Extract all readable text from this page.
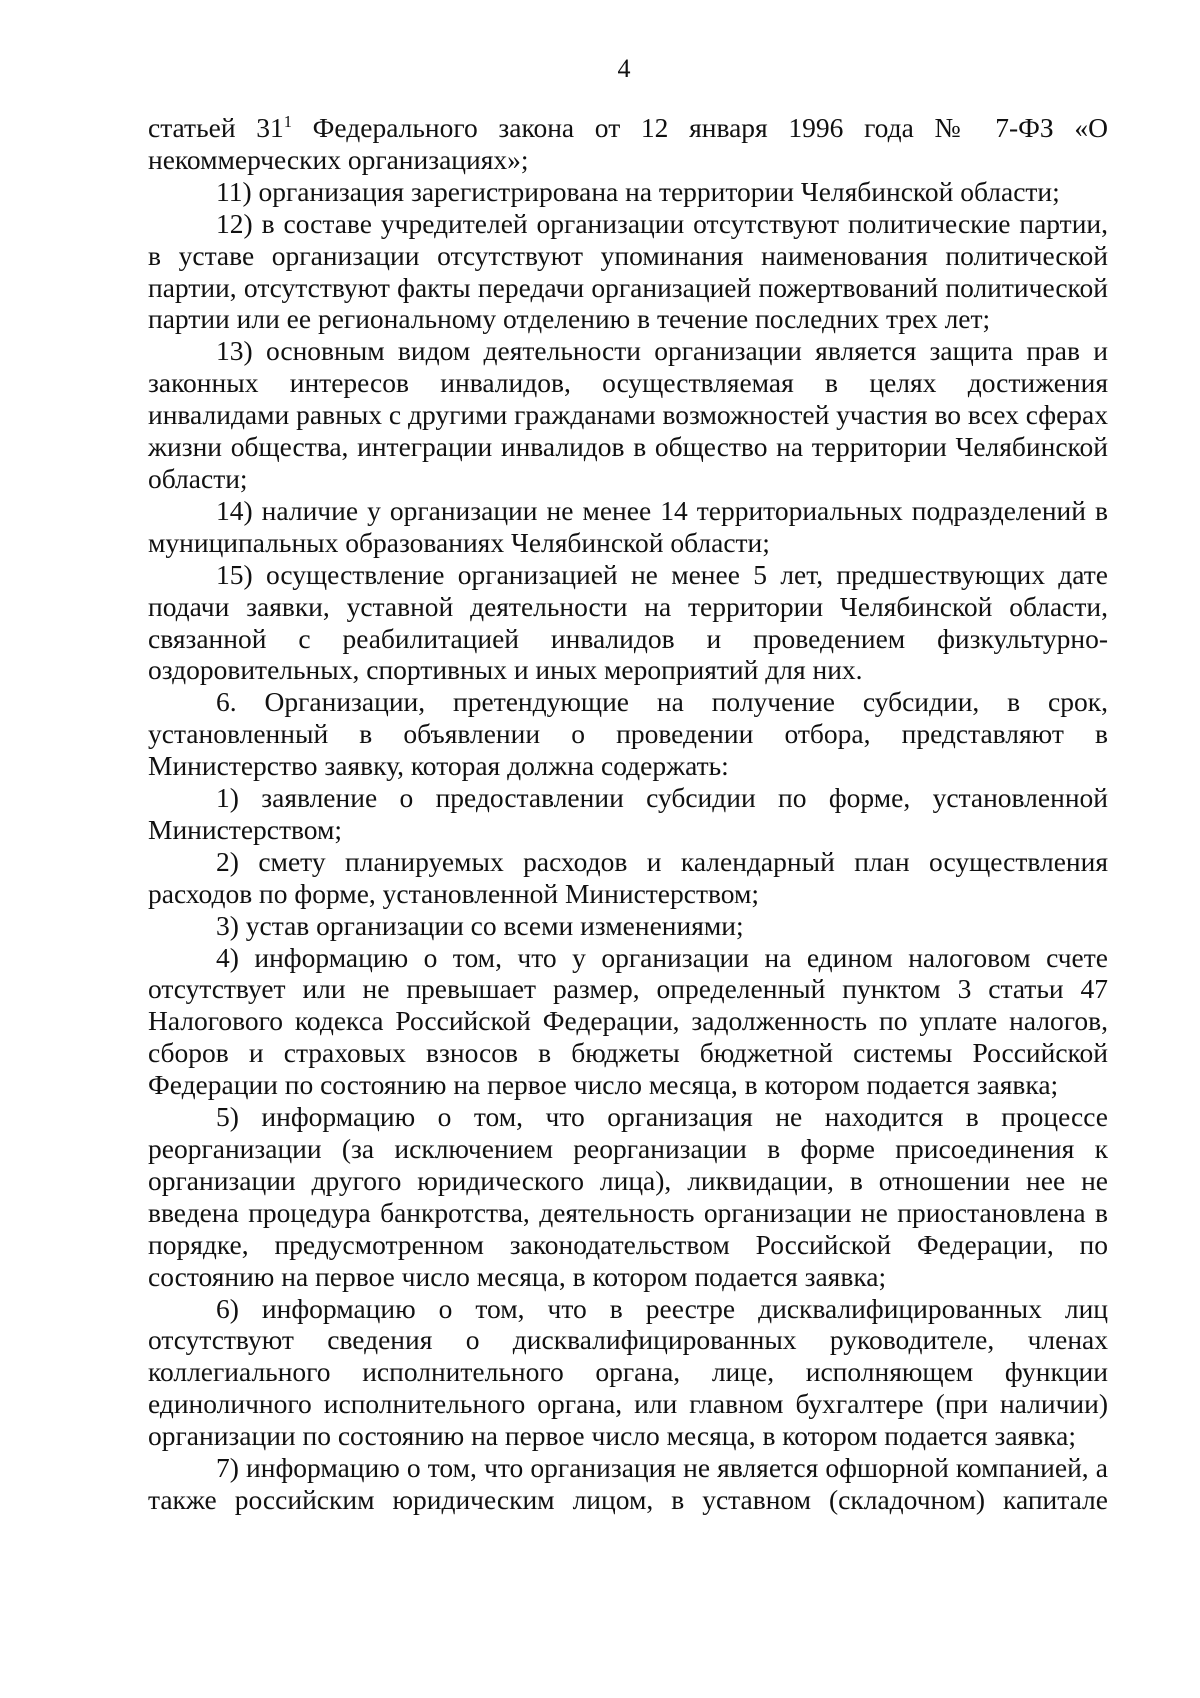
4

статьей $31^1$ Федерального закона от 12 января 1996 года № 7-ФЗ «О некоммерческих организациях»;

11) организация зарегистрирована на территории Челябинской области;

12) в составе учредителей организации отсутствуют политические партии, в уставе организации отсутствуют упоминания наименования политической партии, отсутствуют факты передачи организацией пожертвований политической партии или ее региональному отделению в течение последних трех лет;

13) основным видом деятельности организации является защита прав и законных интересов инвалидов, осуществляемая в целях достижения инвалидами равных с другими гражданами возможностей участия во всех сферах жизни общества, интеграции инвалидов в общество на территории Челябинской области;

14) наличие у организации не менее 14 территориальных подразделений в муниципальных образованиях Челябинской области;

15) осуществление организацией не менее 5 лет, предшествующих дате подачи заявки, уставной деятельности на территории Челябинской области, связанной с реабилитацией инвалидов и проведением физкультурно-оздоровительных, спортивных и иных мероприятий для них.

6. Организации, претендующие на получение субсидии, в срок, установленный в объявлении о проведении отбора, представляют в Министерство заявку, которая должна содержать:

1) заявление о предоставлении субсидии по форме, установленной Министерством;

2) смету планируемых расходов и календарный план осуществления расходов по форме, установленной Министерством;

3) устав организации со всеми изменениями;

4) информацию о том, что у организации на едином налоговом счете отсутствует или не превышает размер, определенный пунктом 3 статьи 47 Налогового кодекса Российской Федерации, задолженность по уплате налогов, сборов и страховых взносов в бюджеты бюджетной системы Российской Федерации по состоянию на первое число месяца, в котором подается заявка;

5) информацию о том, что организация не находится в процессе реорганизации (за исключением реорганизации в форме присоединения к организации другого юридического лица), ликвидации, в отношении нее не введена процедура банкротства, деятельность организации не приостановлена в порядке, предусмотренном законодательством Российской Федерации, по состоянию на первое число месяца, в котором подается заявка;

6) информацию о том, что в реестре дисквалифицированных лиц отсутствуют сведения о дисквалифицированных руководителе, членах коллегиального исполнительного органа, лице, исполняющем функции единоличного исполнительного органа, или главном бухгалтере (при наличии) организации по состоянию на первое число месяца, в котором подается заявка;

7) информацию о том, что организация не является офшорной компанией, а также российским юридическим лицом, в уставном (складочном) капитале
